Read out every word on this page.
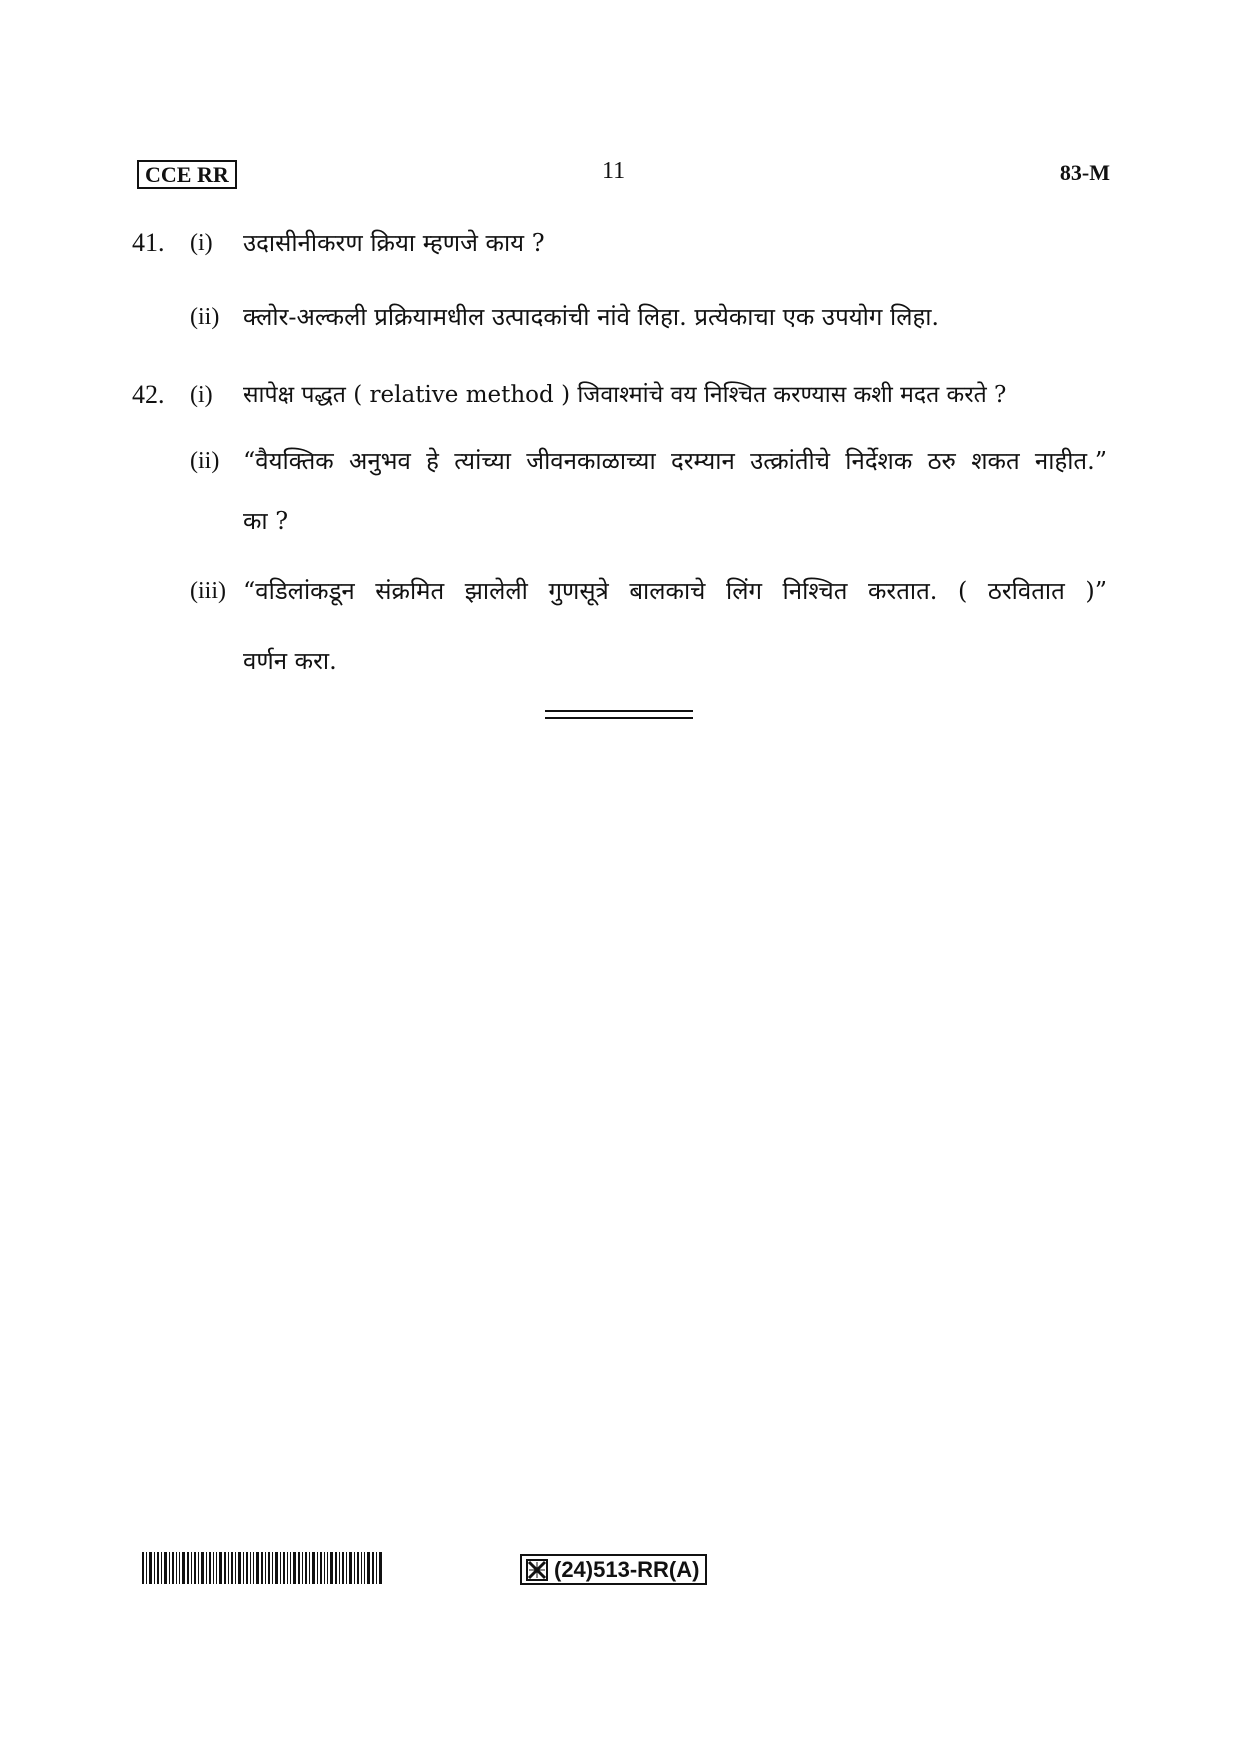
CCE RR	11	83-M
41. (i) उदासीनीकरण क्रिया म्हणजे काय ?
(ii) क्लोर-अल्कली प्रक्रियामधील उत्पादकांची नांवे लिहा. प्रत्येकाचा एक उपयोग लिहा.
42. (i) सापेक्ष पद्धत ( relative method ) जिवाश्मांचे वय निश्चित करण्यास कशी मदत करते ?
(ii) “वैयक्तिक अनुभव हे त्यांच्या जीवनकाळाच्या दरम्यान उत्क्रांतीचे निर्देशक ठरु शकत नाहीत.”
का ?
(iii) “वडिलांकडून संक्रमित झालेली गुणसूत्रे बालकाचे लिंग निश्चित करतात. ( ठरवितात )”
वर्णन करा.
(24)513-RR(A)
